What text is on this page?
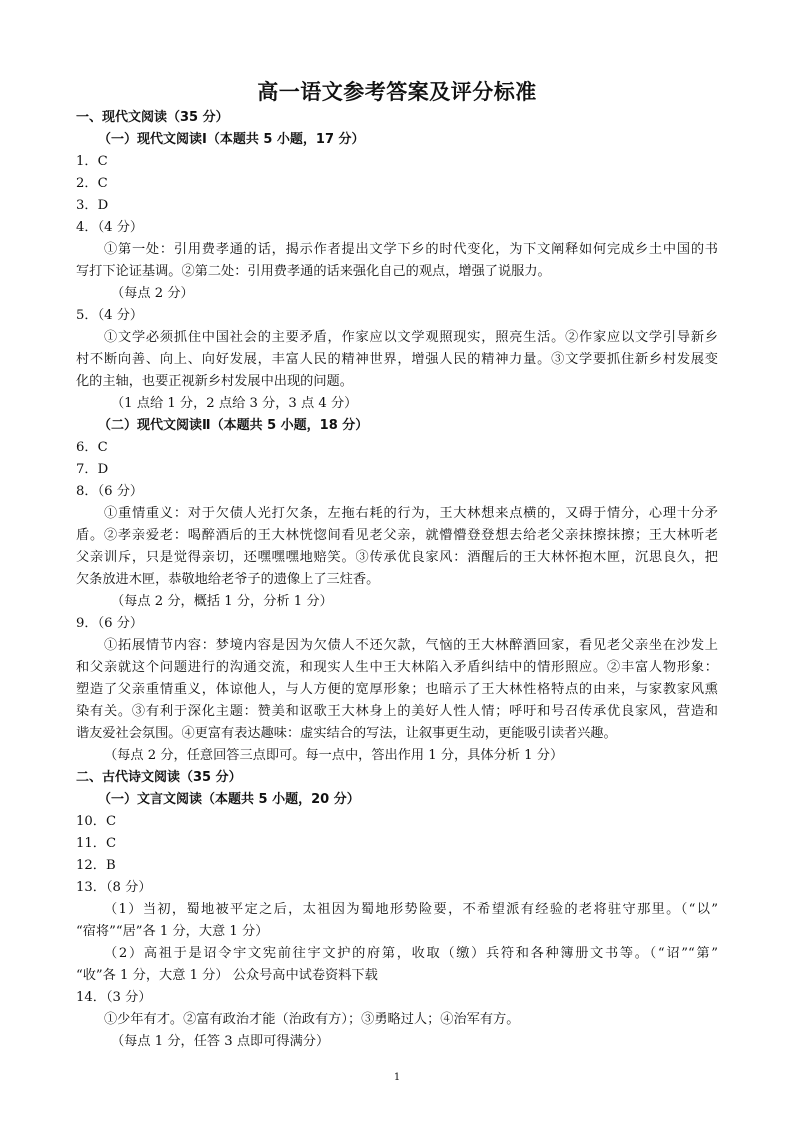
高一语文参考答案及评分标准
一、现代文阅读（35 分）
（一）现代文阅读Ⅰ（本题共 5 小题，17 分）
1．C
2．C
3．D
4．（4 分）
①第一处：引用费孝通的话，揭示作者提出文学下乡的时代变化，为下文阐释如何完成乡土中国的书
写打下论证基调。②第二处：引用费孝通的话来强化自己的观点，增强了说服力。
（每点 2 分）
5．（4 分）
①文学必须抓住中国社会的主要矛盾，作家应以文学观照现实，照亮生活。②作家应以文学引导新乡
村不断向善、向上、向好发展，丰富人民的精神世界，增强人民的精神力量。③文学要抓住新乡村发展变
化的主轴，也要正视新乡村发展中出现的问题。
（1 点给 1 分，2 点给 3 分，3 点 4 分）
（二）现代文阅读Ⅱ（本题共 5 小题，18 分）
6．C
7．D
8．（6 分）
①重情重义：对于欠债人光打欠条，左拖右耗的行为，王大林想来点横的，又碍于情分，心理十分矛
盾。②孝亲爱老：喝醉酒后的王大林恍惚间看见老父亲，就懵懵登登想去给老父亲抹擦抹擦；王大林听老
父亲训斥，只是觉得亲切，还嘿嘿嘿地赔笑。③传承优良家风：酒醒后的王大林怀抱木匣，沉思良久，把
欠条放进木匣，恭敬地给老爷子的遗像上了三炷香。
（每点 2 分，概括 1 分，分析 1 分）
9．（6 分）
①拓展情节内容：梦境内容是因为欠债人不还欠款，气恼的王大林醉酒回家，看见老父亲坐在沙发上
和父亲就这个问题进行的沟通交流，和现实人生中王大林陷入矛盾纠结中的情形照应。②丰富人物形象：
塑造了父亲重情重义，体谅他人，与人方便的宽厚形象；也暗示了王大林性格特点的由来，与家教家风熏
染有关。③有利于深化主题：赞美和讴歌王大林身上的美好人性人情；呼吁和号召传承优良家风，营造和
谐友爱社会氛围。④更富有表达趣味：虚实结合的写法，让叙事更生动，更能吸引读者兴趣。
（每点 2 分，任意回答三点即可。每一点中，答出作用 1 分，具体分析 1 分）
二、古代诗文阅读（35 分）
（一）文言文阅读（本题共 5 小题，20 分）
10．C
11．C
12．B
13．（8 分）
（1）当初，蜀地被平定之后，太祖因为蜀地形势险要，不希望派有经验的老将驻守那里。（“以”
“宿将”“居”各 1 分，大意 1 分）
（2）高祖于是诏令宇文宪前往宇文护的府第，收取（缴）兵符和各种簿册文书等。（“诏”“第”
“收”各 1 分，大意 1 分） 公众号高中试卷资料下载
14．（3 分）
①少年有才。②富有政治才能（治政有方）；③勇略过人；④治军有方。
（每点 1 分，任答 3 点即可得满分）
1
